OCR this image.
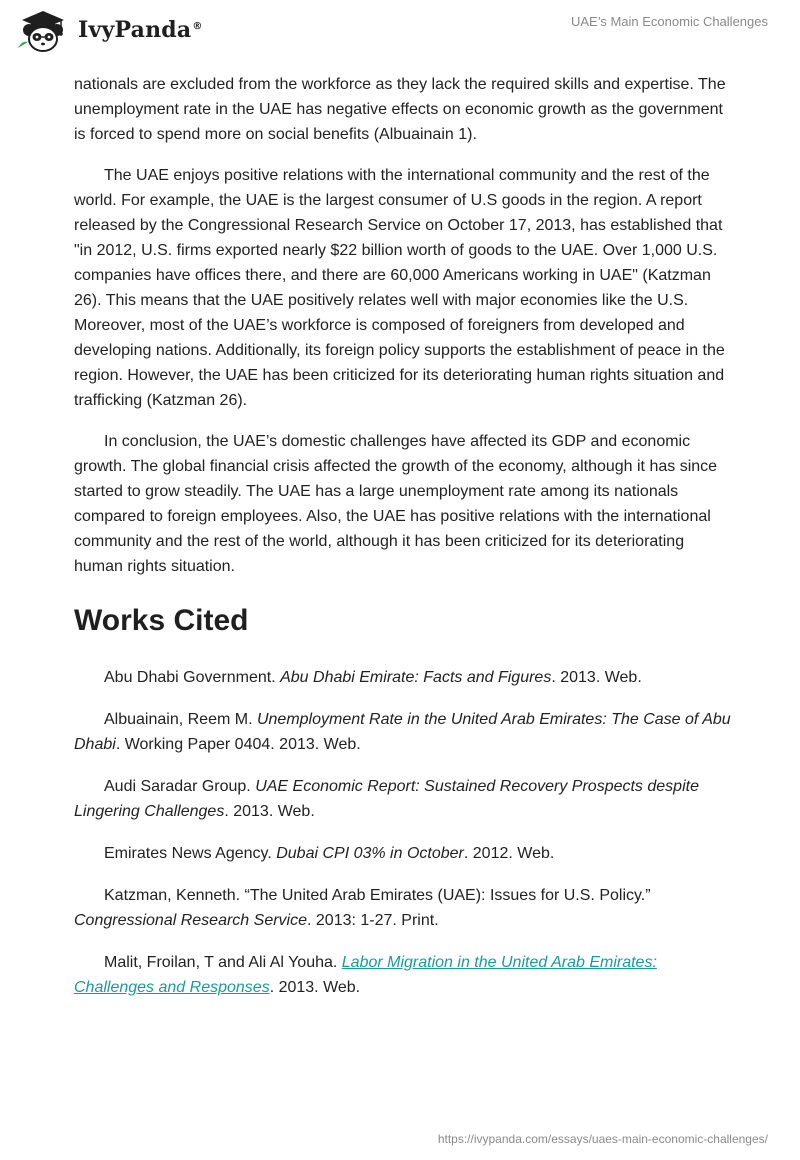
IvyPanda®	UAE’s Main Economic Challenges

nationals are excluded from the workforce as they lack the required skills and expertise. The unemployment rate in the UAE has negative effects on economic growth as the government is forced to spend more on social benefits (Albuainain 1).

The UAE enjoys positive relations with the international community and the rest of the world. For example, the UAE is the largest consumer of U.S goods in the region. A report released by the Congressional Research Service on October 17, 2013, has established that "in 2012, U.S. firms exported nearly $22 billion worth of goods to the UAE. Over 1,000 U.S. companies have offices there, and there are 60,000 Americans working in UAE" (Katzman 26). This means that the UAE positively relates well with major economies like the U.S. Moreover, most of the UAE’s workforce is composed of foreigners from developed and developing nations. Additionally, its foreign policy supports the establishment of peace in the region. However, the UAE has been criticized for its deteriorating human rights situation and trafficking (Katzman 26).

In conclusion, the UAE’s domestic challenges have affected its GDP and economic growth. The global financial crisis affected the growth of the economy, although it has since started to grow steadily. The UAE has a large unemployment rate among its nationals compared to foreign employees. Also, the UAE has positive relations with the international community and the rest of the world, although it has been criticized for its deteriorating human rights situation.

Works Cited
Abu Dhabi Government. Abu Dhabi Emirate: Facts and Figures. 2013. Web.
Albuainain, Reem M. Unemployment Rate in the United Arab Emirates: The Case of Abu Dhabi. Working Paper 0404. 2013. Web.
Audi Saradar Group. UAE Economic Report: Sustained Recovery Prospects despite Lingering Challenges. 2013. Web.
Emirates News Agency. Dubai CPI 03% in October. 2012. Web.
Katzman, Kenneth. “The United Arab Emirates (UAE): Issues for U.S. Policy.” Congressional Research Service. 2013: 1-27. Print.
Malit, Froilan, T and Ali Al Youha. Labor Migration in the United Arab Emirates: Challenges and Responses. 2013. Web.
https://ivypanda.com/essays/uaes-main-economic-challenges/
